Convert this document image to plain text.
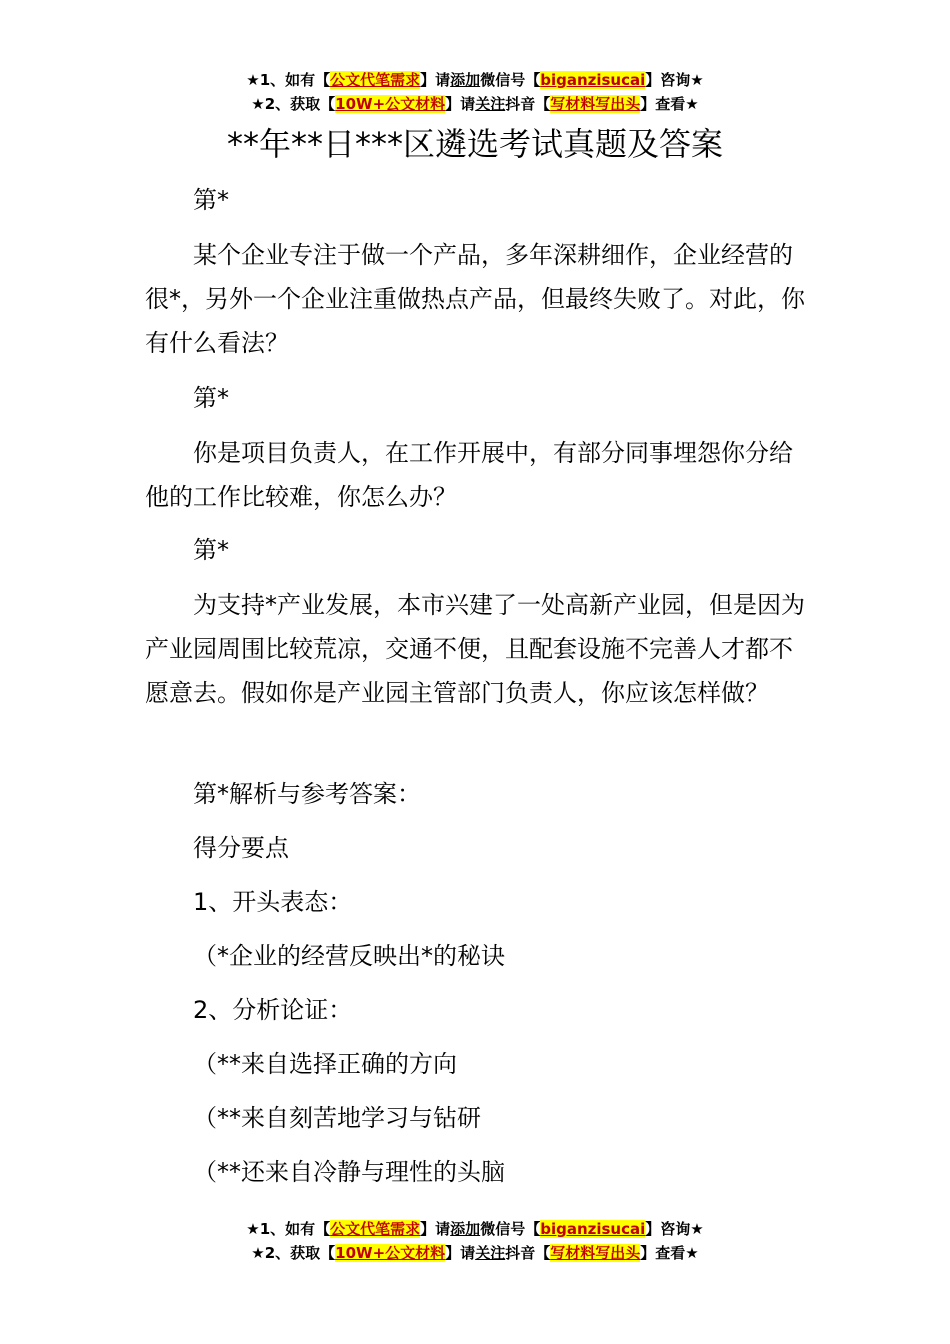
★1、如有【公文代笔需求】请添加微信号【biganzisucai】咨询★
★2、获取【10W+公文材料】请关注抖音【写材料写出头】查看★
**年**日***区遴选考试真题及答案

第*

某个企业专注于做一个产品，多年深耕细作，企业经营的很*，另外一个企业注重做热点产品，但最终失败了。对此，你有什么看法？

第*

你是项目负责人，在工作开展中，有部分同事埋怨你分给他的工作比较难，你怎么办？

第*

为支持*产业发展，本市兴建了一处高新产业园，但是因为产业园周围比较荒凉，交通不便，且配套设施不完善人才都不愿意去。假如你是产业园主管部门负责人，你应该怎样做？

第*解析与参考答案：

得分要点

1、开头表态：

（*企业的经营反映出*的秘诀

2、分析论证：

（**来自选择正确的方向

（**来自刻苦地学习与钻研

（**还来自冷静与理性的头脑

★1、如有【公文代笔需求】请添加微信号【biganzisucai】咨询★
★2、获取【10W+公文材料】请关注抖音【写材料写出头】查看★
